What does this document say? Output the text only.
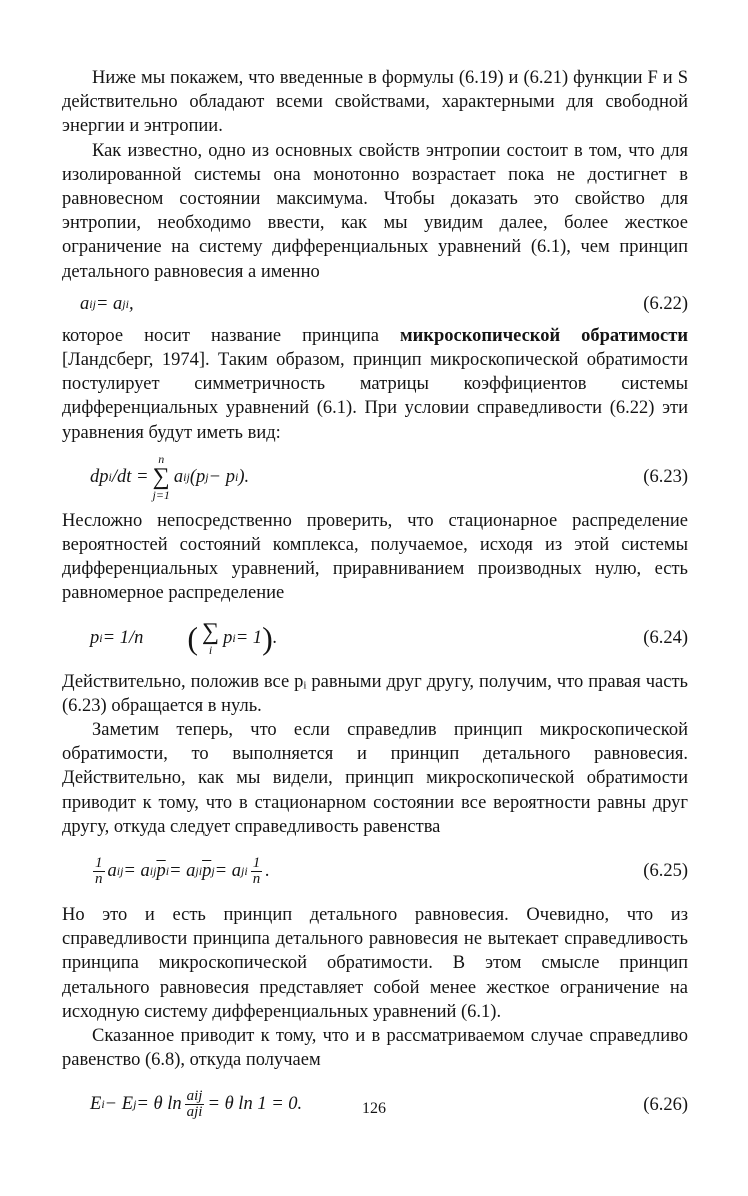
Ниже мы покажем, что введенные в формулы (6.19) и (6.21) функции F и S действительно обладают всеми свойствами, характерными для свободной энергии и энтропии.

Как известно, одно из основных свойств энтропии состоит в том, что для изолированной системы она монотонно возрастает пока не достигнет в равновесном состоянии максимума. Чтобы доказать это свойство для энтропии, необходимо ввести, как мы увидим далее, более жесткое ограничение на систему дифференциальных уравнений (6.1), чем принцип детального равновесия а именно

a ij = a ji ,	(6.22)

которое носит название принципа микроскопической обратимости [Ландсберг, 1974]. Таким образом, принцип микроскопической обратимости постулирует симметричность матрицы коэффициентов системы дифференциальных уравнений (6.1). При условии справедливости (6.22) эти уравнения будут иметь вид:

dp i /dt =
n
∑
j=1
a ij (p j − p i ).	(6.23)

Несложно непосредственно проверить, что стационарное распределение вероятностей состояний комплекса, получаемое, исходя из этой системы дифференциальных уравнений, приравниванием производных нулю, есть равномерное распределение

p i = 1/n ( ∑
i
p i = 1 ) .	(6.24)

Действительно, положив все pᵢ равными друг другу, получим, что правая часть (6.23) обращается в нуль.

Заметим теперь, что если справедлив принцип микроскопической обратимости, то выполняется и принцип детального равновесия. Действительно, как мы видели, принцип микроскопической обратимости приводит к тому, что в стационарном состоянии все вероятности равны друг другу, откуда следует справедливость равенства

$\frac{1}{n}$ a ij = a ij $\overline{p}$ i = a ji $\overline{p}$ j = a ji $\frac{1}{n}$ .	(6.25)

Но это и есть принцип детального равновесия. Очевидно, что из справедливости принципа детального равновесия не вытекает справедливость принципа микроскопической обратимости. В этом смысле принцип детального равновесия представляет собой менее жесткое ограничение на исходную систему дифференциальных уравнений (6.1).

Сказанное приводит к тому, что и в рассматриваемом случае справедливо равенство (6.8), откуда получаем

E i − E j = θ $\ln \frac{\text{aij}}{\text{aji}} = \theta$ ln 1 = 0.	(6.26)
126
